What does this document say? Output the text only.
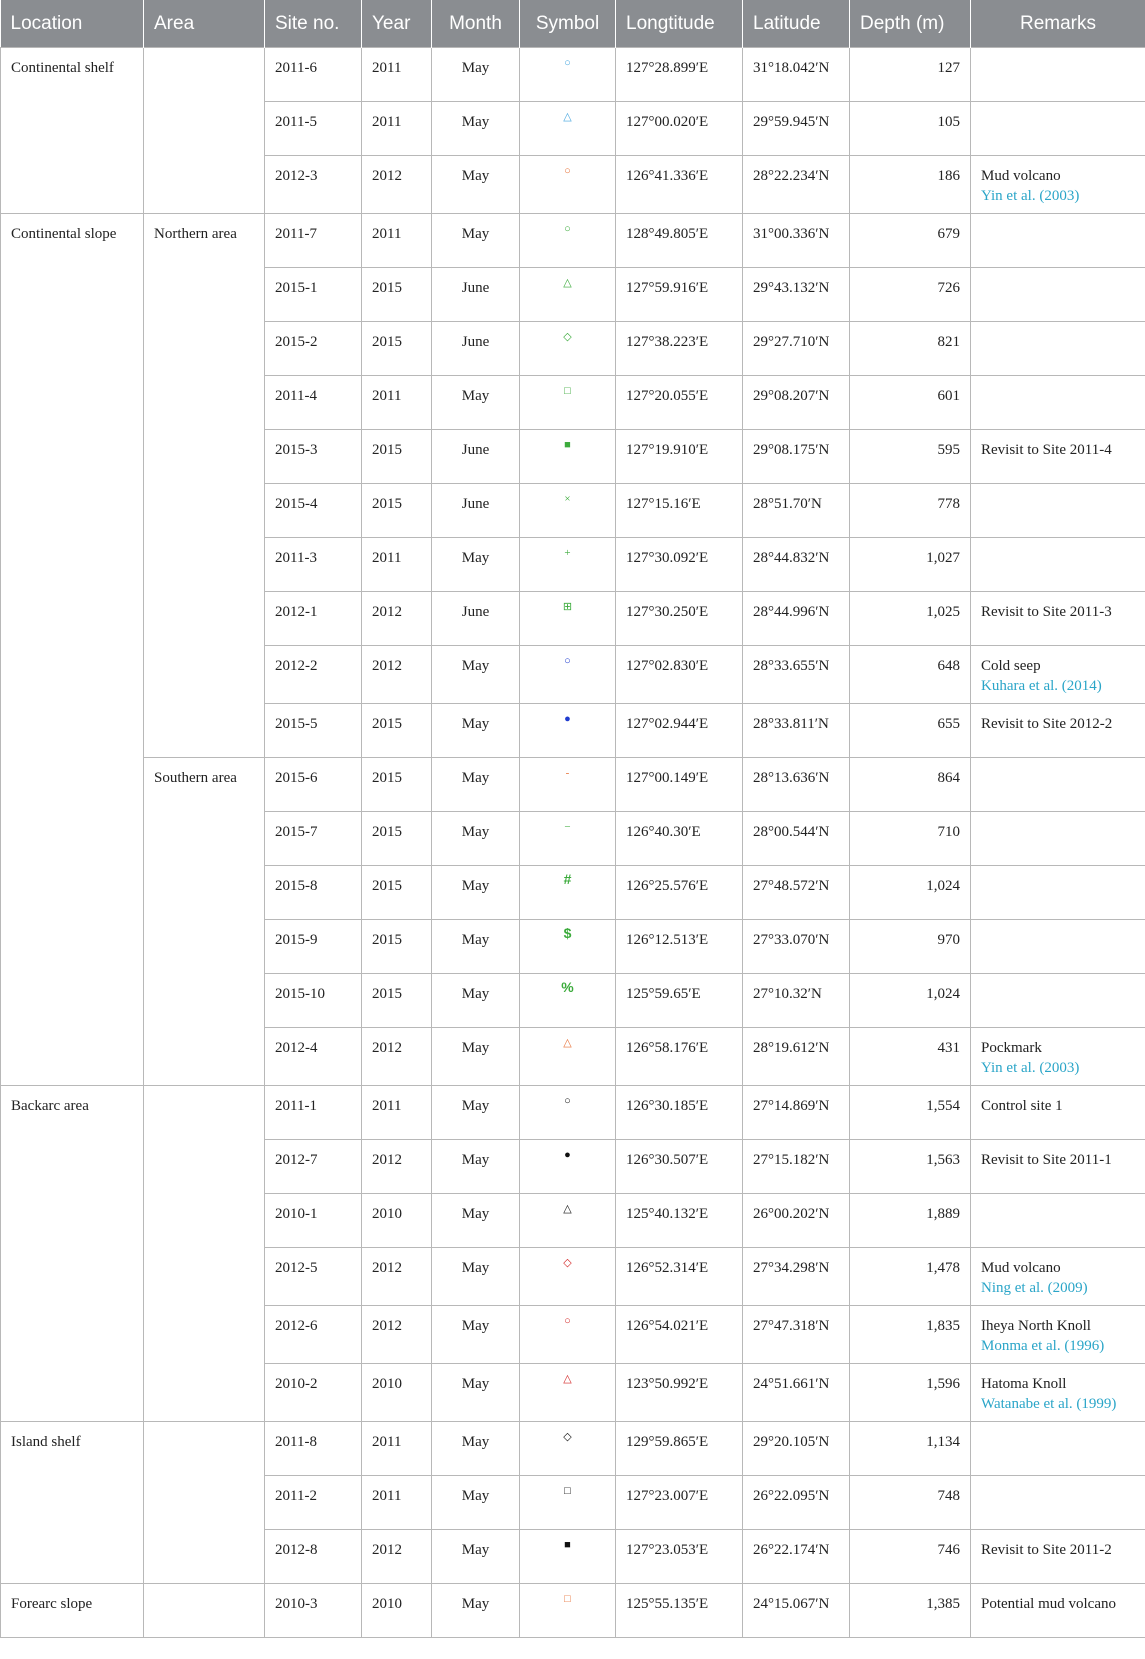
Location	Area	Site no.	Year	Month	Symbol	Longtitude	Latitude	Depth (m)	Remarks
Continental shelf		2011-6	2011	May	○	127°28.899′E	31°18.042′N	127	
		2011-5	2011	May	△	127°00.020′E	29°59.945′N	105	
		2012-3	2012	May	○	126°41.336′E	28°22.234′N	186	Mud volcano
Yin et al. (2003)

Continental slope	Northern area	2011-7	2011	May	○	128°49.805′E	31°00.336′N	679	
		2015-1	2015	June	△	127°59.916′E	29°43.132′N	726	
		2015-2	2015	June	◇	127°38.223′E	29°27.710′N	821	
		2011-4	2011	May	□	127°20.055′E	29°08.207′N	601	
		2015-3	2015	June	■	127°19.910′E	29°08.175′N	595	Revisit to Site 2011-4
		2015-4	2015	June	×	127°15.16′E	28°51.70′N	778	
		2011-3	2011	May	+	127°30.092′E	28°44.832′N	1,027	
		2012-1	2012	June	⊞	127°30.250′E	28°44.996′N	1,025	Revisit to Site 2011-3
		2012-2	2012	May	○	127°02.830′E	28°33.655′N	648	Cold seep
Kuhara et al. (2014)

		2015-5	2015	May	●	127°02.944′E	28°33.811′N	655	Revisit to Site 2012-2
	Southern area	2015-6	2015	May	-	127°00.149′E	28°13.636′N	864	
		2015-7	2015	May	−	126°40.30′E	28°00.544′N	710	
		2015-8	2015	May	#	126°25.576′E	27°48.572′N	1,024	
		2015-9	2015	May	$	126°12.513′E	27°33.070′N	970	
		2015-10	2015	May	%	125°59.65′E	27°10.32′N	1,024	
		2012-4	2012	May	△	126°58.176′E	28°19.612′N	431	Pockmark
Yin et al. (2003)

Backarc area		2011-1	2011	May	○	126°30.185′E	27°14.869′N	1,554	Control site 1
		2012-7	2012	May	●	126°30.507′E	27°15.182′N	1,563	Revisit to Site 2011-1
		2010-1	2010	May	△	125°40.132′E	26°00.202′N	1,889	
		2012-5	2012	May	◇	126°52.314′E	27°34.298′N	1,478	Mud volcano
Ning et al. (2009)

		2012-6	2012	May	○	126°54.021′E	27°47.318′N	1,835	Iheya North Knoll
Monma et al. (1996)

		2010-2	2010	May	△	123°50.992′E	24°51.661′N	1,596	Hatoma Knoll
Watanabe et al. (1999)

Island shelf		2011-8	2011	May	◇	129°59.865′E	29°20.105′N	1,134	
		2011-2	2011	May	□	127°23.007′E	26°22.095′N	748	
		2012-8	2012	May	■	127°23.053′E	26°22.174′N	746	Revisit to Site 2011-2
Forearc slope		2010-3	2010	May	□	125°55.135′E	24°15.067′N	1,385	Potential mud volcano
